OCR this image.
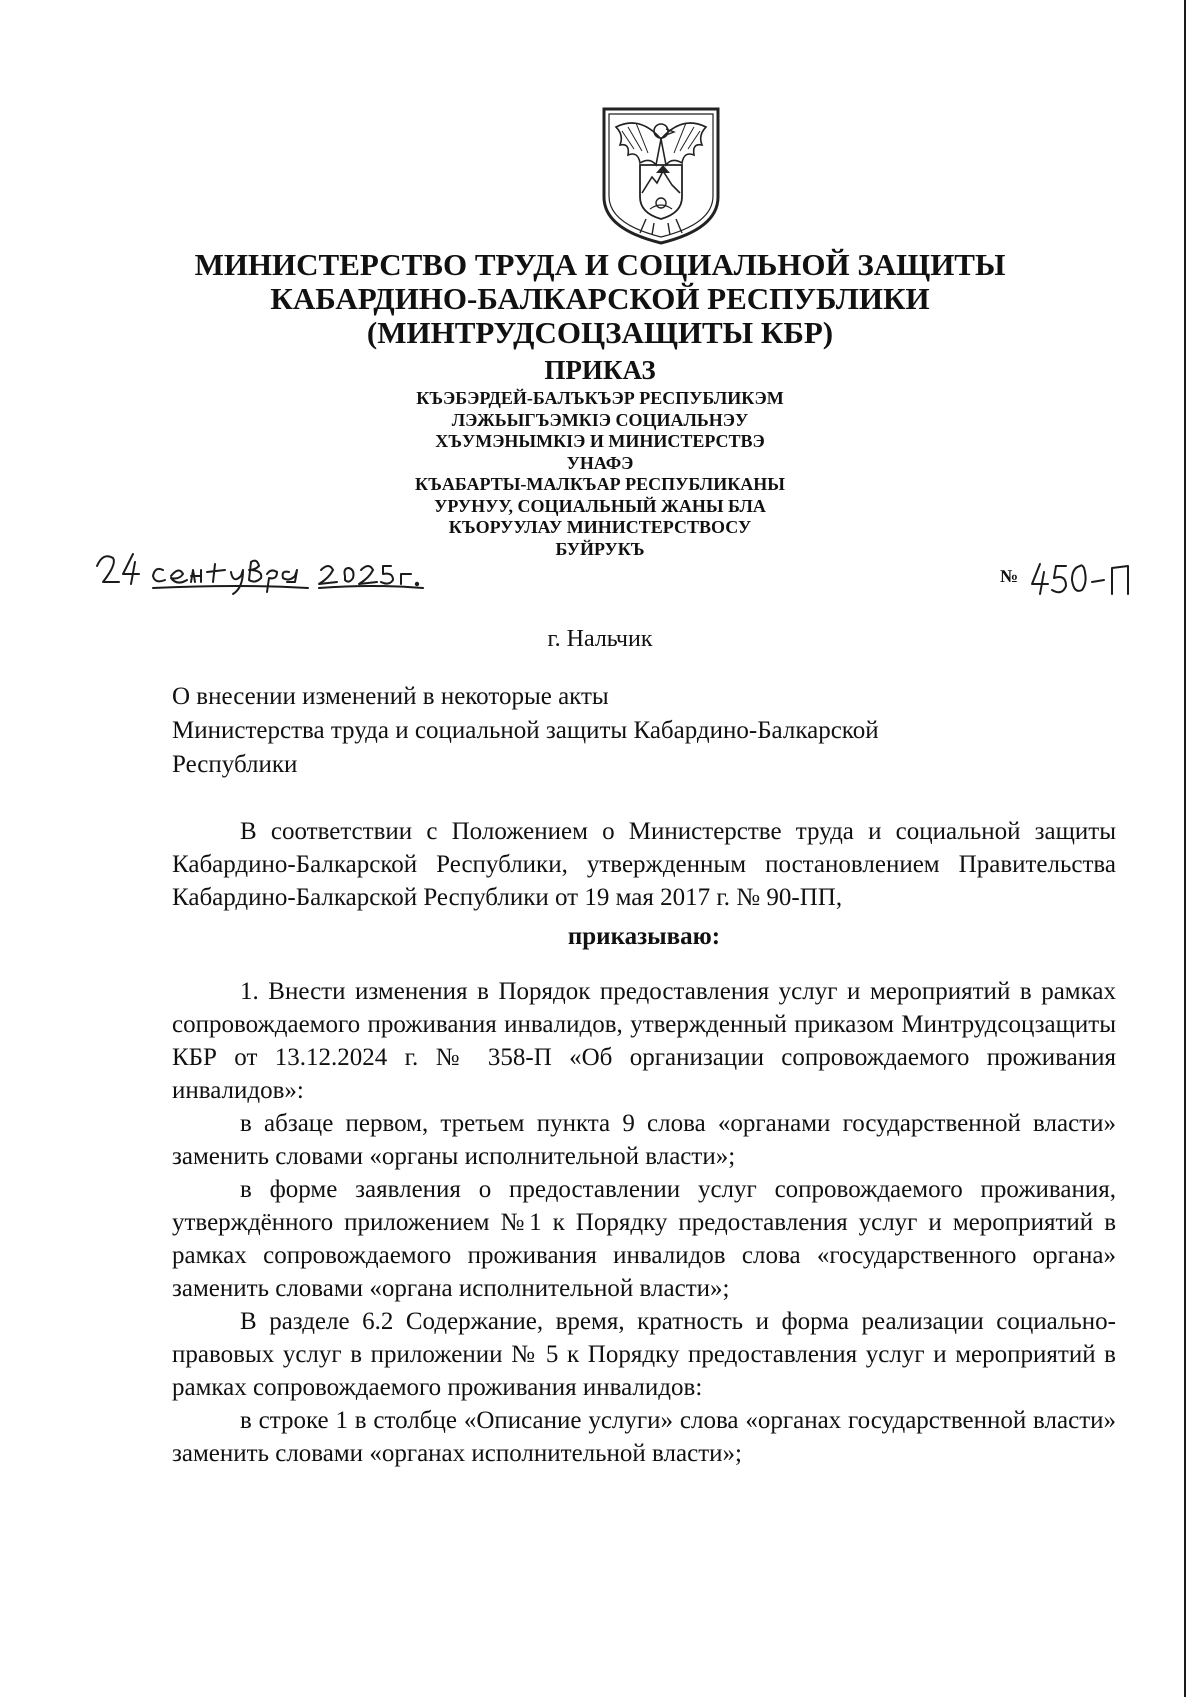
МИНИСТЕРСТВО ТРУДА И СОЦИАЛЬНОЙ ЗАЩИТЫ
КАБАРДИНО-БАЛКАРСКОЙ РЕСПУБЛИКИ
(МИНТРУДСОЦЗАЩИТЫ КБР)
ПРИКАЗ
КЪЭБЭРДЕЙ-БАЛЪКЪЭР РЕСПУБЛИКЭМ
ЛЭЖЬЫГЪЭМКIЭ СОЦИАЛЬНЭУ
ХЪУМЭНЫМКIЭ И МИНИСТЕРСТВЭ
УНАФЭ
КЪАБАРТЫ-МАЛКЪАР РЕСПУБЛИКАНЫ
УРУНУУ, СОЦИАЛЬНЫЙ ЖАНЫ БЛА
КЪОРУУЛАУ МИНИСТЕРСТВОСУ
БУЙРУКЪ
№
г. Нальчик
О внесении изменений в некоторые акты
Министерства труда и социальной защиты Кабардино-Балкарской
Республики

В соответствии с Положением о Министерстве труда и социальной защиты Кабардино-Балкарской Республики, утвержденным постановлением Правительства Кабардино-Балкарской Республики от 19 мая 2017 г. № 90-ПП,

приказываю:

1. Внести изменения в Порядок предоставления услуг и мероприятий в рамках сопровождаемого проживания инвалидов, утвержденный приказом Минтрудсоцзащиты КБР от 13.12.2024 г. № 358-П «Об организации сопровождаемого проживания инвалидов»:

в абзаце первом, третьем пункта 9 слова «органами государственной власти» заменить словами «органы исполнительной власти»;

в форме заявления о предоставлении услуг сопровождаемого проживания, утверждённого приложением №1 к Порядку предоставления услуг и мероприятий в рамках сопровождаемого проживания инвалидов слова «государственного органа» заменить словами «органа исполнительной власти»;

В разделе 6.2 Содержание, время, кратность и форма реализации социально-правовых услуг в приложении № 5 к Порядку предоставления услуг и мероприятий в рамках сопровождаемого проживания инвалидов:

в строке 1 в столбце «Описание услуги» слова «органах государственной власти» заменить словами «органах исполнительной власти»;
